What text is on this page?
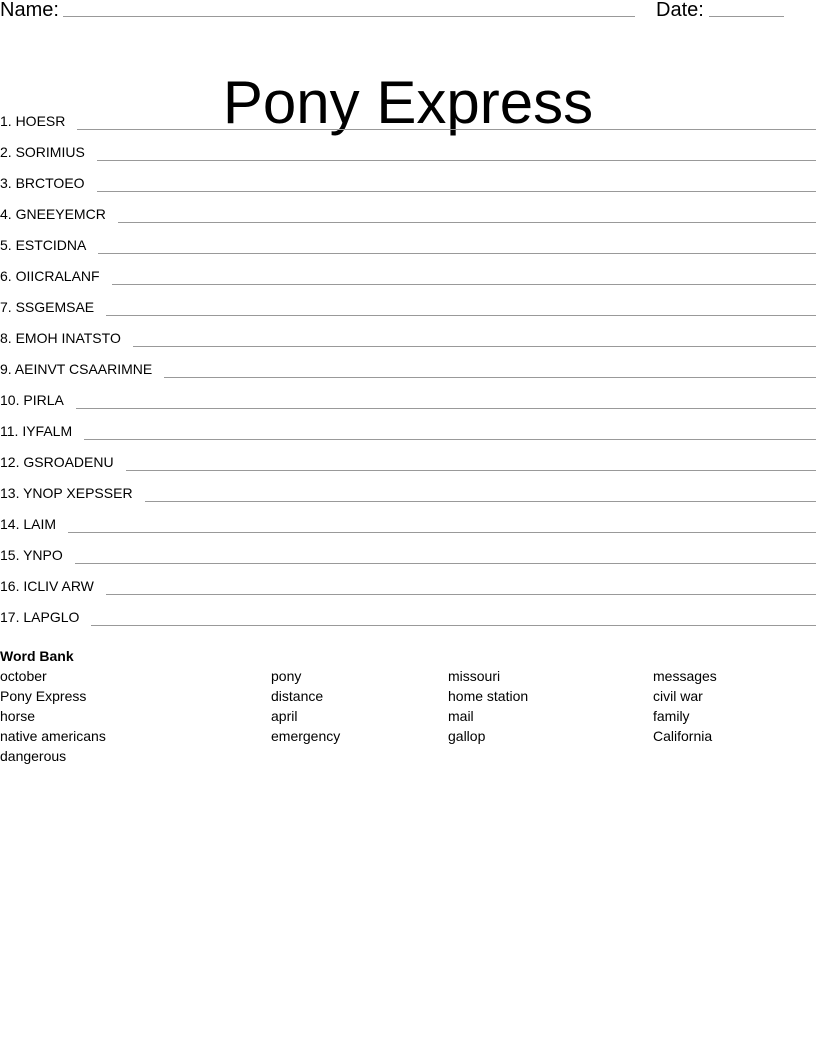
Name:	Date:
Pony Express
1. HOESR
2. SORIMIUS
3. BRCTOEO
4. GNEEYEMCR
5. ESTCIDNA
6. OIICRALANF
7. SSGEMSAE
8. EMOH INATSTO
9. AEINVT CSAARIMNE
10. PIRLA
11. IYFALM
12. GSROADENU
13. YNOP XEPSSER
14. LAIM
15. YNPO
16. ICLIV ARW
17. LAPGLO
Word Bank
october
Pony Express
horse
native americans
dangerous
pony
distance
april
emergency
missouri
home station
mail
gallop
messages
civil war
family
California
